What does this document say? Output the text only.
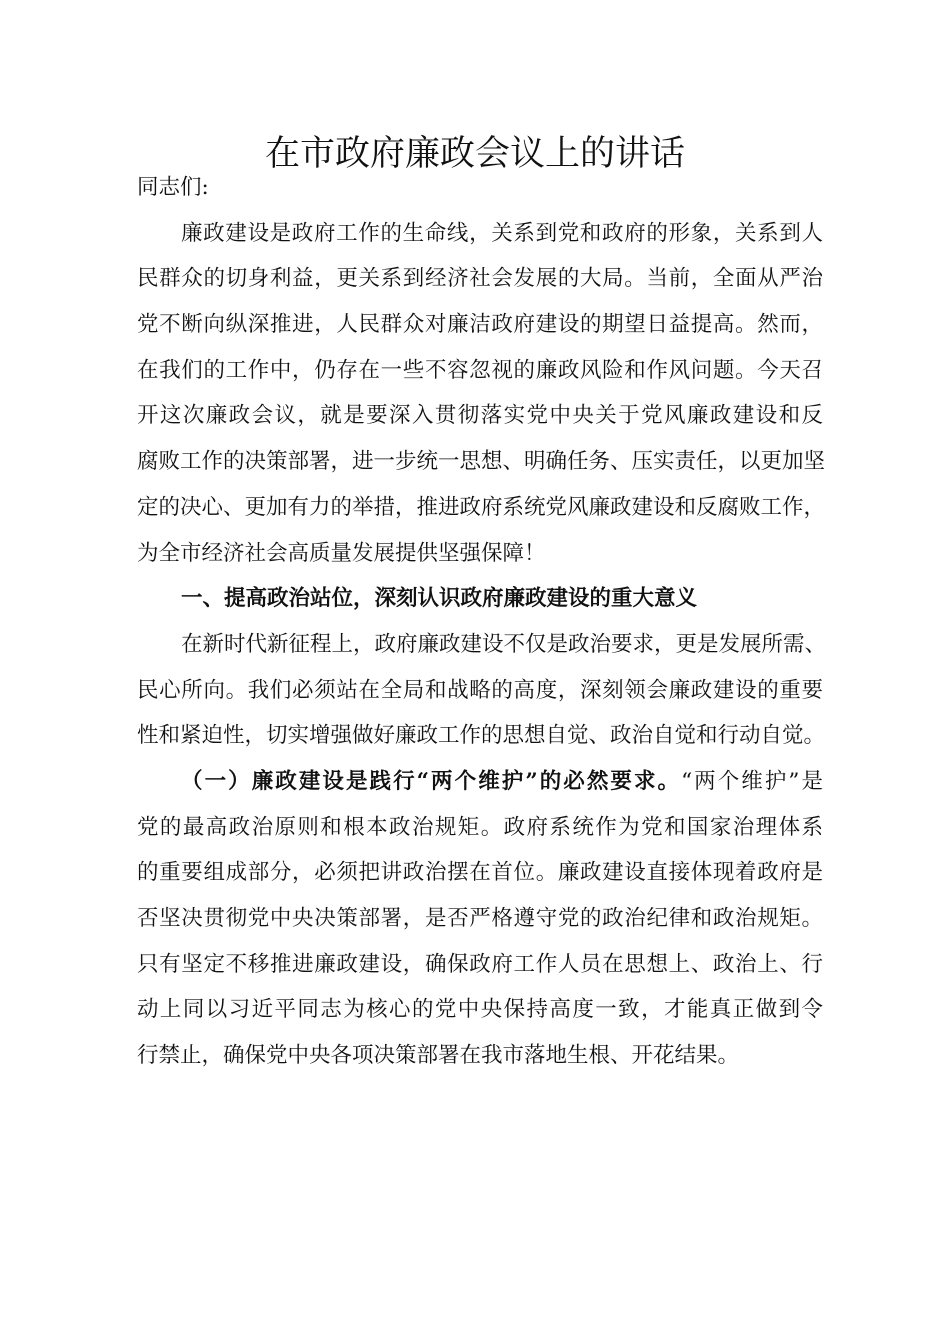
在市政府廉政会议上的讲话
同志们:
廉政建设是政府工作的生命线，关系到党和政府的形象，关系到人
民群众的切身利益，更关系到经济社会发展的大局。当前，全面从严治
党不断向纵深推进，人民群众对廉洁政府建设的期望日益提高。然而，
在我们的工作中，仍存在一些不容忽视的廉政风险和作风问题。今天召
开这次廉政会议，就是要深入贯彻落实党中央关于党风廉政建设和反
腐败工作的决策部署，进一步统一思想、明确任务、压实责任，以更加坚
定的决心、更加有力的举措，推进政府系统党风廉政建设和反腐败工作，
为全市经济社会高质量发展提供坚强保障！
一、提高政治站位，深刻认识政府廉政建设的重大意义
在新时代新征程上，政府廉政建设不仅是政治要求，更是发展所需、
民心所向。我们必须站在全局和战略的高度，深刻领会廉政建设的重要
性和紧迫性，切实增强做好廉政工作的思想自觉、政治自觉和行动自觉。
（一）廉政建设是践行“两个维护”的必然要求。“两个维护”是
党的最高政治原则和根本政治规矩。政府系统作为党和国家治理体系
的重要组成部分，必须把讲政治摆在首位。廉政建设直接体现着政府是
否坚决贯彻党中央决策部署，是否严格遵守党的政治纪律和政治规矩。
只有坚定不移推进廉政建设，确保政府工作人员在思想上、政治上、行
动上同以习近平同志为核心的党中央保持高度一致，才能真正做到令
行禁止，确保党中央各项决策部署在我市落地生根、开花结果。
